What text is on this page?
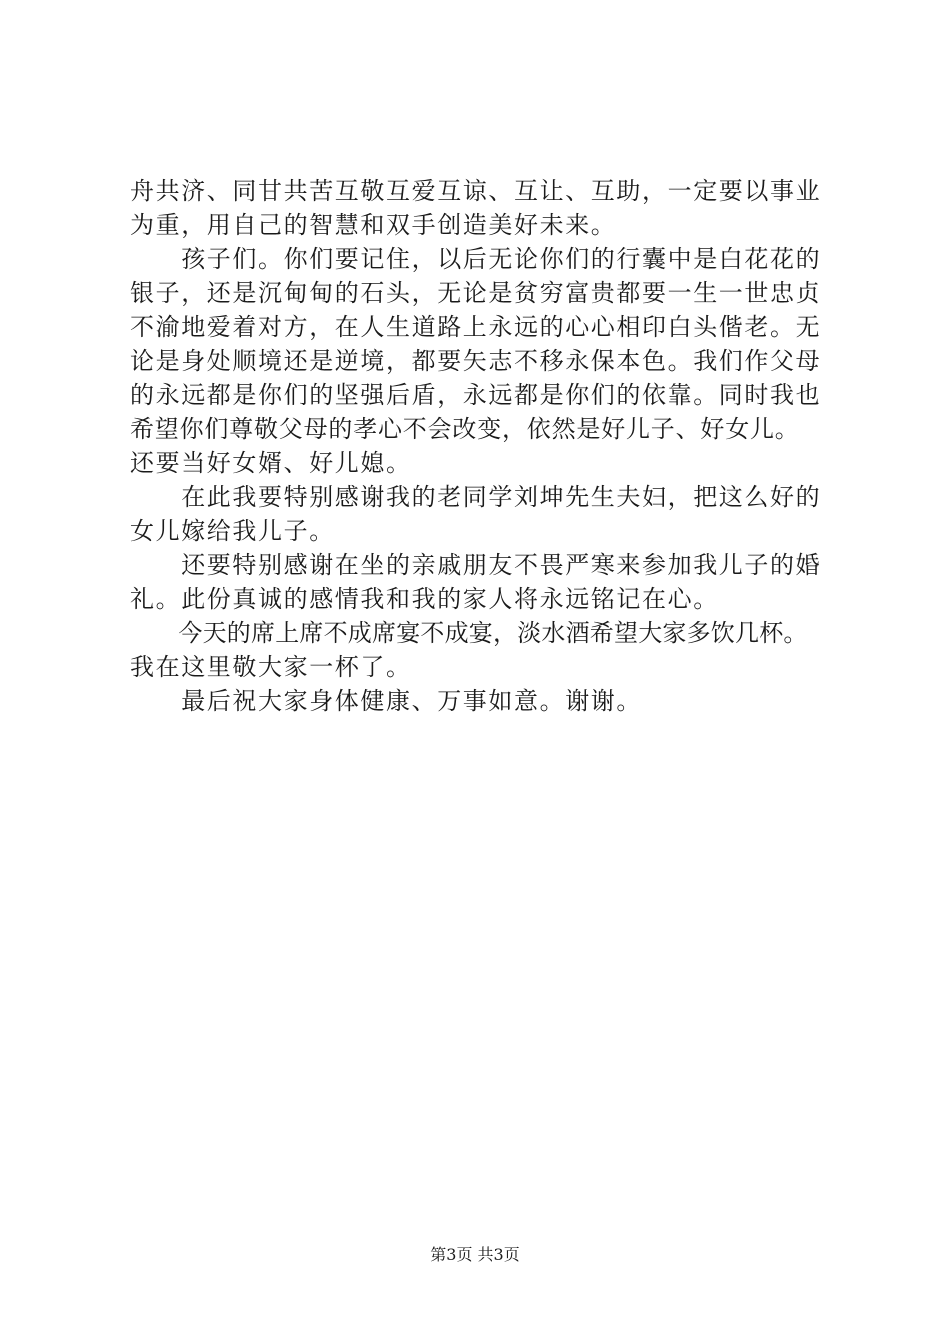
舟共济、同甘共苦互敬互爱互谅、互让、互助，一定要以事业
为重，用自己的智慧和双手创造美好未来。
　　孩子们。你们要记住，以后无论你们的行囊中是白花花的
银子，还是沉甸甸的石头，无论是贫穷富贵都要一生一世忠贞
不渝地爱着对方，在人生道路上永远的心心相印白头偕老。无
论是身处顺境还是逆境，都要矢志不移永保本色。我们作父母
的永远都是你们的坚强后盾，永远都是你们的依靠。同时我也
希望你们尊敬父母的孝心不会改变，依然是好儿子、好女儿。
还要当好女婿、好儿媳。
　　在此我要特别感谢我的老同学刘坤先生夫妇，把这么好的
女儿嫁给我儿子。
　　还要特别感谢在坐的亲戚朋友不畏严寒来参加我儿子的婚
礼。此份真诚的感情我和我的家人将永远铭记在心。
　　今天的席上席不成席宴不成宴，淡水酒希望大家多饮几杯。
我在这里敬大家一杯了。
　　最后祝大家身体健康、万事如意。谢谢。
第3页 共3页
